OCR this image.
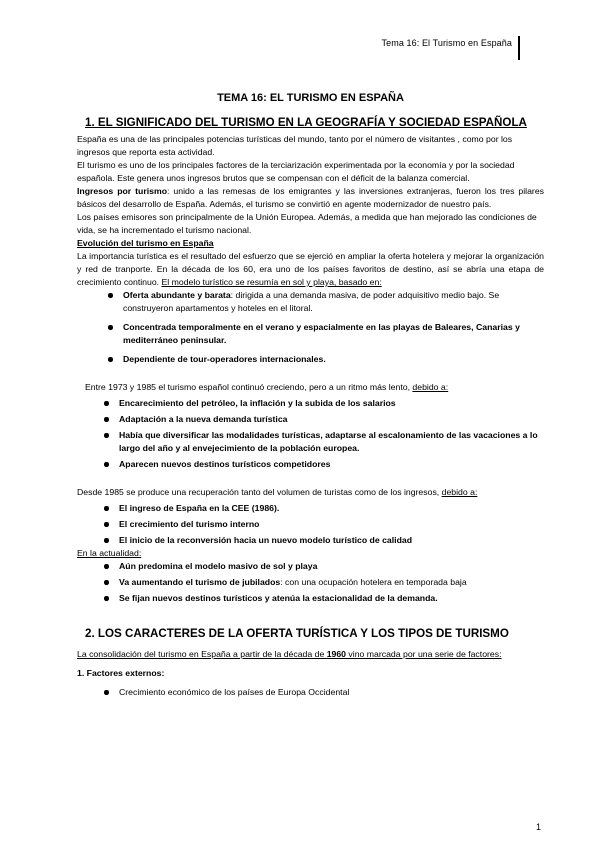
Tema 16: El Turismo en España
TEMA 16: EL TURISMO EN ESPAÑA
1. EL SIGNIFICADO DEL TURISMO EN LA GEOGRAFÍA Y SOCIEDAD ESPAÑOLA

España es una de las principales potencias turísticas del mundo, tanto por el número de visitantes , como por los ingresos que reporta esta actividad.

El turismo es uno de los principales factores de la terciarización experimentada por la economía y por la sociedad española. Este genera unos ingresos brutos que se compensan con el déficit de la balanza comercial.

Ingresos por turismo: unido a las remesas de los emigrantes y las inversiones extranjeras, fueron los tres pilares básicos del desarrollo de España. Además, el turismo se convirtió en agente modernizador de nuestro país.

Los países emisores son principalmente de la Unión Europea. Además, a medida que han mejorado las condiciones de vida, se ha incrementado el turismo nacional.

Evolución del turismo en España

La importancia turística es el resultado del esfuerzo que se ejerció en ampliar la oferta hotelera y mejorar la organización y red de tranporte. En la década de los 60, era uno de los países favoritos de destino, así se abría una etapa de crecimiento continuo. El modelo turístico se resumía en sol y playa, basado en:

Oferta abundante y barata: dirigida a una demanda masiva, de poder adquisitivo medio bajo. Se construyeron apartamentos y hoteles en el litoral.
Concentrada temporalmente en el verano y espacialmente en las playas de Baleares, Canarias y mediterráneo peninsular.
Dependiente de tour-operadores internacionales.

Entre 1973 y 1985 el turismo español continuó creciendo, pero a un ritmo más lento, debido a:

Encarecimiento del petróleo, la inflación y la subida de los salarios
Adaptación a la nueva demanda turística
Había que diversificar las modalidades turísticas, adaptarse al escalonamiento de las vacaciones a lo largo del año y al envejecimiento de la población europea.
Aparecen nuevos destinos turísticos competidores

Desde 1985 se produce una recuperación tanto del volumen de turistas como de los ingresos, debido a:

El ingreso de España en la CEE (1986).
El crecimiento del turismo interno
El inicio de la reconversión hacia un nuevo modelo turístico de calidad

En la actualidad:

Aún predomina el modelo masivo de sol y playa
Va aumentando el turismo de jubilados: con una ocupación hotelera en temporada baja
Se fijan nuevos destinos turísticos y atenúa la estacionalidad de la demanda.
2. LOS CARACTERES DE LA OFERTA TURÍSTICA Y LOS TIPOS DE TURISMO

La consolidación del turismo en España a partir de la década de 1960 vino marcada por una serie de factores:

1. Factores externos:

Crecimiento económico de los países de Europa Occidental
1
